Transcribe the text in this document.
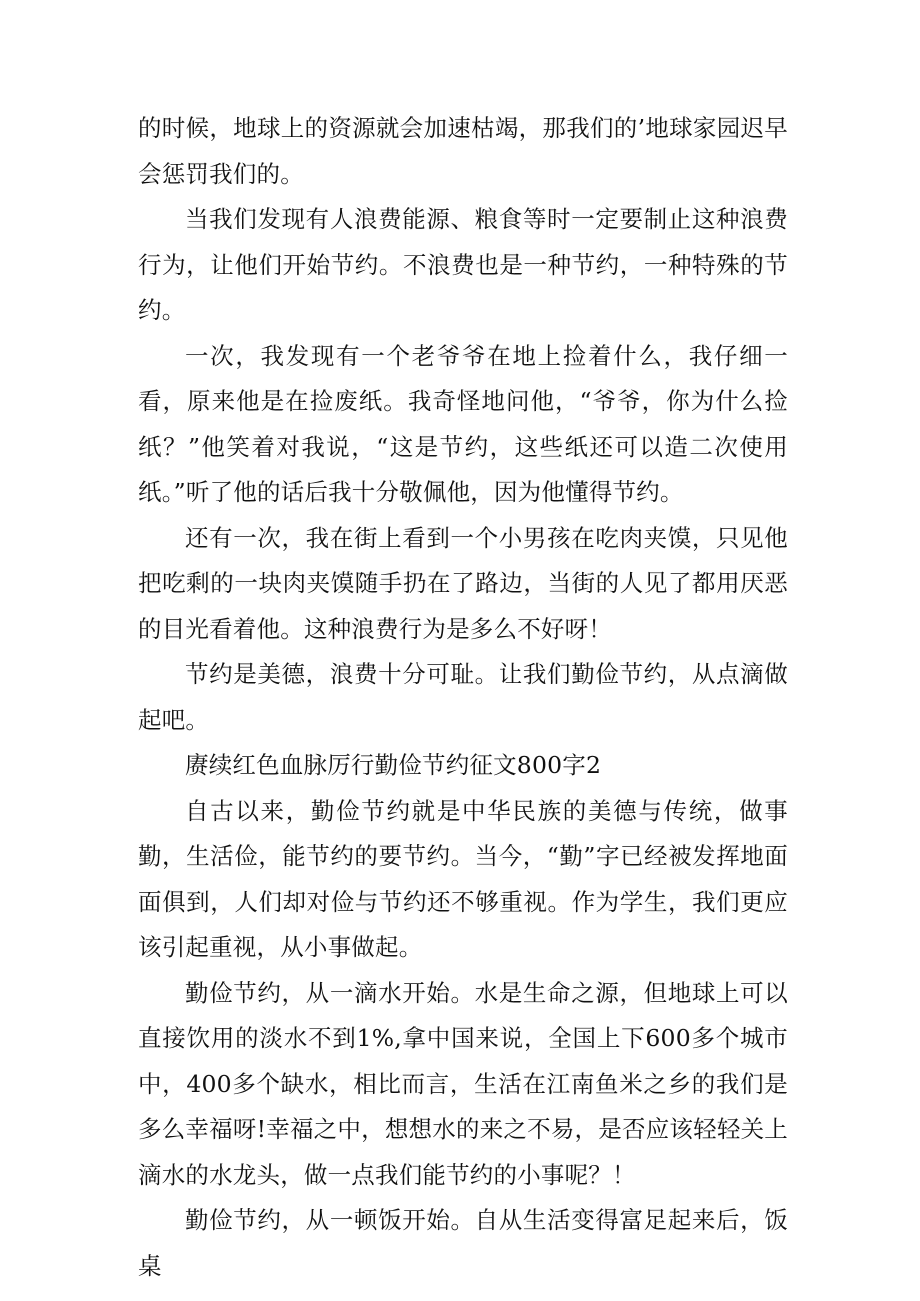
的时候，地球上的资源就会加速枯竭，那我们的’地球家园迟早会惩罚我们的。

当我们发现有人浪费能源、粮食等时一定要制止这种浪费行为，让他们开始节约。不浪费也是一种节约，一种特殊的节约。

一次，我发现有一个老爷爷在地上捡着什么，我仔细一看，原来他是在捡废纸。我奇怪地问他，“爷爷，你为什么捡纸？”他笑着对我说，“这是节约，这些纸还可以造二次使用纸。”听了他的话后我十分敬佩他，因为他懂得节约。

还有一次，我在街上看到一个小男孩在吃肉夹馍，只见他把吃剩的一块肉夹馍随手扔在了路边，当街的人见了都用厌恶的目光看着他。这种浪费行为是多么不好呀！

节约是美德，浪费十分可耻。让我们勤俭节约，从点滴做起吧。

赓续红色血脉厉行勤俭节约征文800字2

自古以来，勤俭节约就是中华民族的美德与传统，做事勤，生活俭，能节约的要节约。当今，“勤”字已经被发挥地面面俱到，人们却对俭与节约还不够重视。作为学生，我们更应该引起重视，从小事做起。

勤俭节约，从一滴水开始。水是生命之源，但地球上可以直接饮用的淡水不到1%,拿中国来说，全国上下600多个城市中，400多个缺水，相比而言，生活在江南鱼米之乡的我们是多么幸福呀!幸福之中，想想水的来之不易，是否应该轻轻关上滴水的水龙头，做一点我们能节约的小事呢？！

勤俭节约，从一顿饭开始。自从生活变得富足起来后，饭桌
